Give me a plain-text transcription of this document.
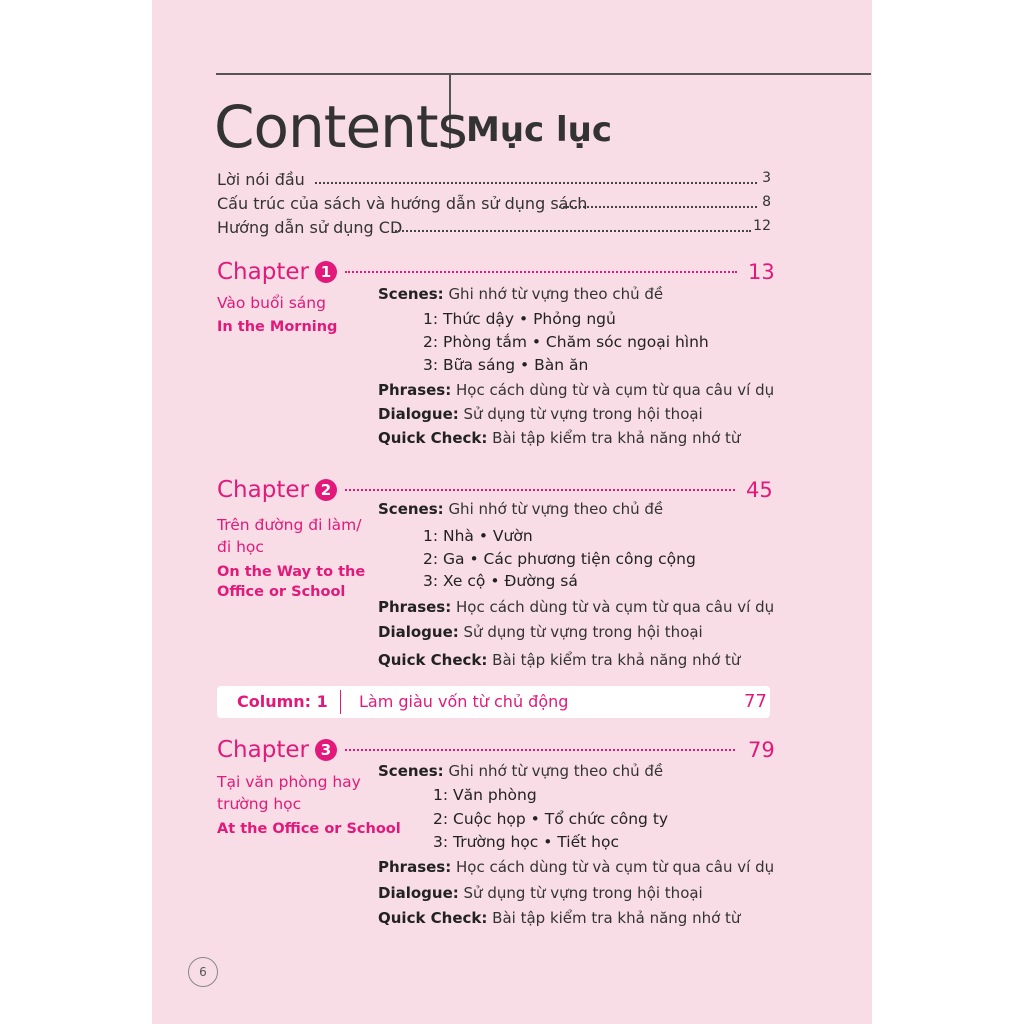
Contents Mục lục
Lời nói đầu	3
Cấu trúc của sách và hướng dẫn sử dụng sách	8
Hướng dẫn sử dụng CD	12
Chapter 1	13
Vào buổi sáng
In the Morning
Scenes: Ghi nhớ từ vựng theo chủ đề
1: Thức dậy • Phỏng ngủ
2: Phòng tắm • Chăm sóc ngoại hình
3: Bữa sáng • Bàn ăn
Phrases: Học cách dùng từ và cụm từ qua câu ví dụ
Dialogue: Sử dụng từ vựng trong hội thoại
Quick Check: Bài tập kiểm tra khả năng nhớ từ
Chapter 2	45
Trên đường đi làm/
đi học
On the Way to the
Office or School
Scenes: Ghi nhớ từ vựng theo chủ đề
1: Nhà • Vườn
2: Ga • Các phương tiện công cộng
3: Xe cộ • Đường sá
Phrases: Học cách dùng từ và cụm từ qua câu ví dụ
Dialogue: Sử dụng từ vựng trong hội thoại
Quick Check: Bài tập kiểm tra khả năng nhớ từ
Column: 1 Làm giàu vốn từ chủ động	77
Chapter 3	79
Tại văn phòng hay
trường học
At the Office or School
Scenes: Ghi nhớ từ vựng theo chủ đề
1: Văn phòng
2: Cuộc họp • Tổ chức công ty
3: Trường học • Tiết học
Phrases: Học cách dùng từ và cụm từ qua câu ví dụ
Dialogue: Sử dụng từ vựng trong hội thoại
Quick Check: Bài tập kiểm tra khả năng nhớ từ
6
